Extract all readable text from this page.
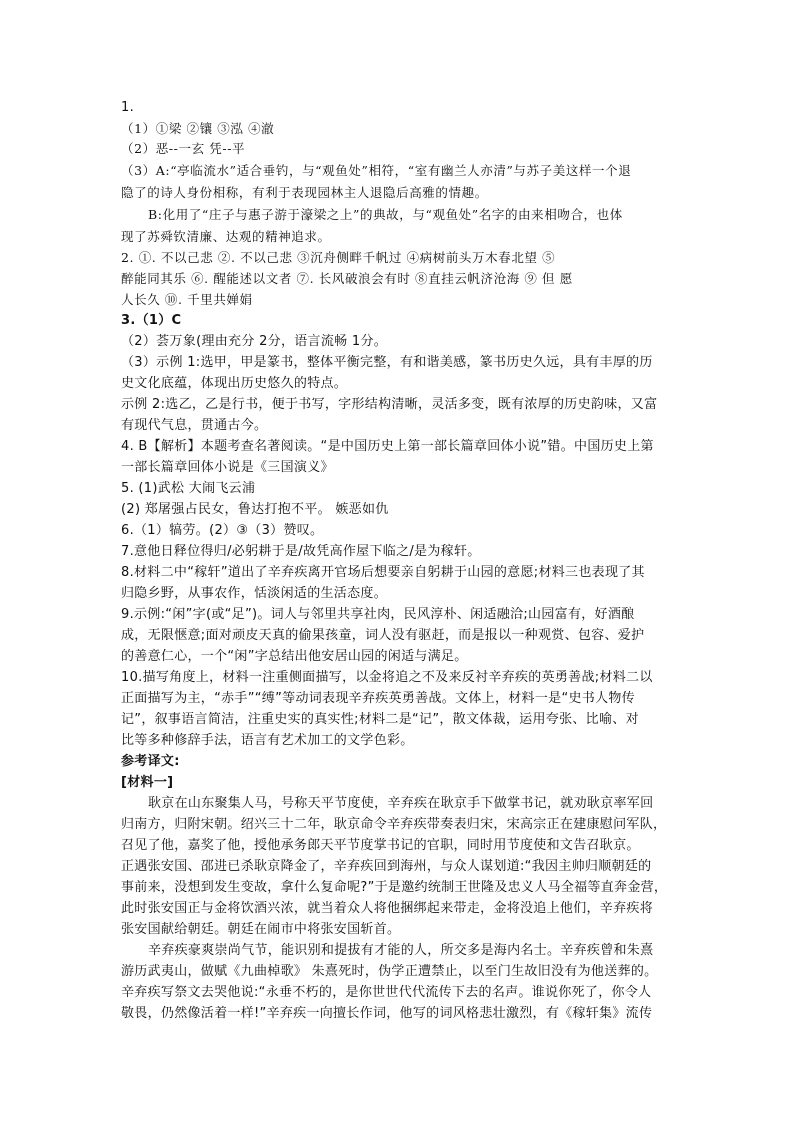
1.
（1）①梁 ②镶 ③泓 ④澈
（2）恶--一玄 凭--平
（3）A:“亭临流水”适合垂钓，与“观鱼处”相符，“室有幽兰人亦清”与苏子美这样一个退
隐了的诗人身份相称，有利于表现园林主人退隐后高雅的情趣。
B:化用了“庄子与惠子游于濠梁之上”的典故，与“观鱼处”名字的由来相吻合，也体
现了苏舜钦清廉、达观的精神追求。
2. ①. 不以己悲 ②. 不以己悲 ③沉舟侧畔千帆过 ④病树前头万木春北望 ⑤
醉能同其乐 ⑥. 醒能述以文者 ⑦. 长风破浪会有时 ⑧直挂云帆济沧海 ⑨ 但 愿
人长久 ⑩. 千里共婵娟
3.（1）C
（2）荟万象(理由充分 2分，语言流畅 1分。
（3）示例 1:选甲，甲是篆书，整体平衡完整，有和谐美感，篆书历史久远，具有丰厚的历
史文化底蕴，体现出历史悠久的特点。
示例 2:选乙，乙是行书，便于书写，字形结构清晰，灵活多变，既有浓厚的历史韵味，又富
有现代气息，贯通古今。
4. B【解析】本题考查名著阅读。“是中国历史上第一部长篇章回体小说”错。中国历史上第
一部长篇章回体小说是《三国演义》
5. (1)武松 大闹飞云浦
(2) 郑屠强占民女，鲁达打抱不平。 嫉恶如仇
6.（1）犒劳。(2）③（3）赞叹。
7.意他日释位得归/必躬耕于是/故凭高作屋下临之/是为稼轩。
8.材料二中“稼轩”道出了辛弃疾离开官场后想要亲自躬耕于山园的意愿;材料三也表现了其
归隐乡野，从事农作，恬淡闲适的生活态度。
9.示例:“闲”字(或“足”)。词人与邻里共享社肉，民风淳朴、闲适融洽;山园富有，好酒酿
成，无限惬意;面对顽皮天真的偷果孩童，词人没有驱赶，而是报以一种观赏、包容、爱护
的善意仁心，一个“闲”字总结出他安居山园的闲适与满足。
10.描写角度上，材料一注重侧面描写，以金将追之不及来反衬辛弃疾的英勇善战;材料二以
正面描写为主，“赤手”“缚”等动词表现辛弃疾英勇善战。文体上，材料一是“史书人物传
记”，叙事语言简洁，注重史实的真实性;材料二是“记”，散文体裁，运用夸张、比喻、对
比等多种修辞手法，语言有艺术加工的文学色彩。
参考译文:
[材料一]
耿京在山东聚集人马，号称天平节度使，辛弃疾在耿京手下做掌书记，就劝耿京率军回
归南方，归附宋朝。绍兴三十二年，耿京命令辛弃疾带奏表归宋，宋高宗正在建康慰问军队，
召见了他，嘉奖了他，授他承务郎天平节度掌书记的官职，同时用节度使和文告召耿京。
正遇张安国、邵进已杀耿京降金了，辛弃疾回到海州，与众人谋划道:“我因主帅归顺朝廷的
事前来，没想到发生变故，拿什么复命呢?”于是邀约统制王世隆及忠义人马全福等直奔金营，
此时张安国正与金将饮酒兴浓，就当着众人将他捆绑起来带走，金将没追上他们，辛弃疾将
张安国献给朝廷。朝廷在闹市中将张安国斩首。
辛弃疾豪爽崇尚气节，能识别和提拔有才能的人，所交多是海内名士。辛弃疾曾和朱熹
游历武夷山，做赋《九曲棹歌》 朱熹死时，伪学正遭禁止，以至门生故旧没有为他送葬的。
辛弃疾写祭文去哭他说:“永垂不朽的，是你世世代代流传下去的名声。谁说你死了，你令人
敬畏，仍然像活着一样!”辛弃疾一向擅长作词，他写的词风格悲壮激烈，有《稼轩集》流传
